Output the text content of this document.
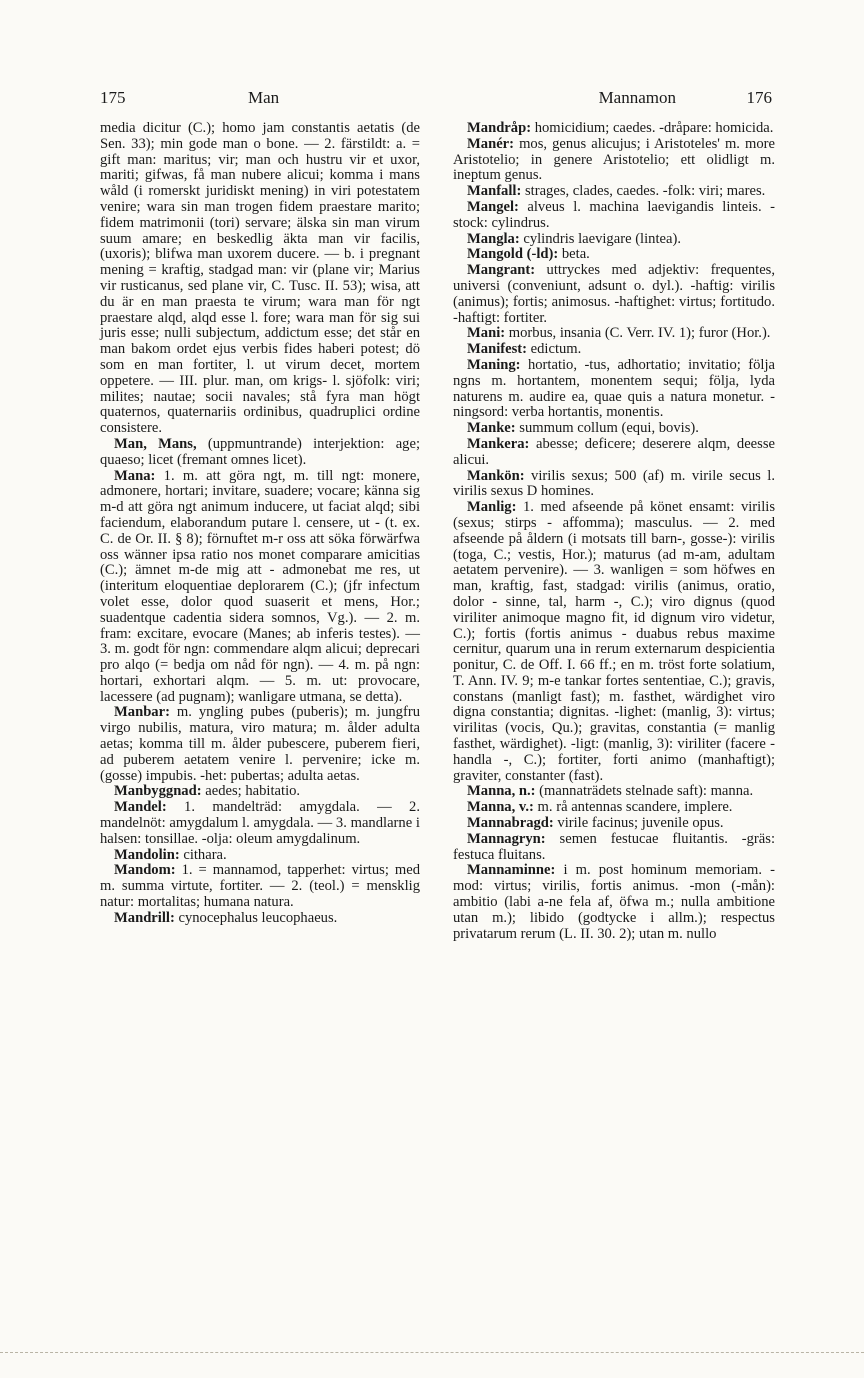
175	Man	Mannamon	176

media dicitur (C.); homo jam constantis aetatis (de Sen. 33); min gode man o bone. — 2. färstildt: a. = gift man: maritus; vir; man och hustru vir et uxor, mariti; gifwas, få man nubere alicui; komma i mans wåld (i romerskt juridiskt mening) in viri potestatem venire; wara sin man trogen fidem praestare marito; fidem matrimonii (tori) servare; älska sin man virum suum amare; en beskedlig äkta man vir facilis, (uxoris); blifwa man uxorem ducere. — b. i pregnant mening = kraftig, stadgad man: vir (plane vir; Marius vir rusticanus, sed plane vir, C. Tusc. II. 53); wisa, att du är en man praesta te virum; wara man för ngt praestare alqd, alqd esse l. fore; wara man för sig sui juris esse; nulli subjectum, addictum esse; det står en man bakom ordet ejus verbis fides haberi potest; dö som en man fortiter, l. ut virum decet, mortem oppetere. — III. plur. man, om krigs- l. sjöfolk: viri; milites; nautae; socii navales; stå fyra man högt quaternos, quaternariis ordinibus, quadruplici ordine consistere.

Man, Mans, (uppmuntrande) interjektion: age; quaeso; licet (fremant omnes licet).

Mana: 1. m. att göra ngt, m. till ngt: monere, admonere, hortari; invitare, suadere; vocare; känna sig m-d att göra ngt animum inducere, ut faciat alqd; sibi faciendum, elaborandum putare l. censere, ut - (t. ex. C. de Or. II. § 8); förnuftet m-r oss att söka förwärfwa oss wänner ipsa ratio nos monet comparare amicitias (C.); ämnet m-de mig att - admonebat me res, ut (interitum eloquentiae deplorarem (C.); (jfr infectum volet esse, dolor quod suaserit et mens, Hor.; suadentque cadentia sidera somnos, Vg.). — 2. m. fram: excitare, evocare (Manes; ab inferis testes). — 3. m. godt för ngn: commendare alqm alicui; deprecari pro alqo (= bedja om nåd för ngn). — 4. m. på ngn: hortari, exhortari alqm. — 5. m. ut: provocare, lacessere (ad pugnam); wanligare utmana, se detta).

Manbar: m. yngling pubes (puberis); m. jungfru virgo nubilis, matura, viro matura; m. ålder adulta aetas; komma till m. ålder pubescere, puberem fieri, ad puberem aetatem venire l. pervenire; icke m. (gosse) impubis. -het: pubertas; adulta aetas.

Manbyggnad: aedes; habitatio.

Mandel: 1. mandelträd: amygdala. — 2. mandelnöt: amygdalum l. amygdala. — 3. mandlarne i halsen: tonsillae. -olja: oleum amygdalinum.

Mandolin: cithara.

Mandom: 1. = mannamod, tapperhet: virtus; med m. summa virtute, fortiter. — 2. (teol.) = mensklig natur: mortalitas; humana natura.

Mandrill: cynocephalus leucophaeus.

Mandråp: homicidium; caedes. -dråpare: homicida.

Manér: mos, genus alicujus; i Aristoteles' m. more Aristotelio; in genere Aristotelio; ett olidligt m. ineptum genus.

Manfall: strages, clades, caedes. -folk: viri; mares.

Mangel: alveus l. machina laevigandis linteis. -stock: cylindrus.

Mangla: cylindris laevigare (lintea).

Mangold (-ld): beta.

Mangrant: uttryckes med adjektiv: frequentes, universi (conveniunt, adsunt o. dyl.). -haftig: virilis (animus); fortis; animosus. -haftighet: virtus; fortitudo. -haftigt: fortiter.

Mani: morbus, insania (C. Verr. IV. 1); furor (Hor.).

Manifest: edictum.

Maning: hortatio, -tus, adhortatio; invitatio; följa ngns m. hortantem, monentem sequi; följa, lyda naturens m. audire ea, quae quis a natura monetur. -ningsord: verba hortantis, monentis.

Manke: summum collum (equi, bovis).

Mankera: abesse; deficere; deserere alqm, deesse alicui.

Mankön: virilis sexus; 500 (af) m. virile secus l. virilis sexus D homines.

Manlig: 1. med afseende på könet ensamt: virilis (sexus; stirps - affomma); masculus. — 2. med afseende på åldern (i motsats till barn-, gosse-): virilis (toga, C.; vestis, Hor.); maturus (ad m-am, adultam aetatem pervenire). — 3. wanligen = som höfwes en man, kraftig, fast, stadgad: virilis (animus, oratio, dolor - sinne, tal, harm -, C.); viro dignus (quod viriliter animoque magno fit, id dignum viro videtur, C.); fortis (fortis animus - duabus rebus maxime cernitur, quarum una in rerum externarum despicientia ponitur, C. de Off. I. 66 ff.; en m. tröst forte solatium, T. Ann. IV. 9; m-e tankar fortes sententiae, C.); gravis, constans (manligt fast); m. fasthet, wärdighet viro digna constantia; dignitas. -lighet: (manlig, 3): virtus; virilitas (vocis, Qu.); gravitas, constantia (= manlig fasthet, wärdighet). -ligt: (manlig, 3): viriliter (facere - handla -, C.); fortiter, forti animo (manhaftigt); graviter, constanter (fast).

Manna, n.: (mannaträdets stelnade saft): manna.

Manna, v.: m. rå antennas scandere, implere.

Mannabragd: virile facinus; juvenile opus.

Mannagryn: semen festucae fluitantis. -gräs: festuca fluitans.

Mannaminne: i m. post hominum memoriam. -mod: virtus; virilis, fortis animus. -mon (-mån): ambitio (labi a-ne fela af, öfwa m.; nulla ambitione utan m.); libido (godtycke i allm.); respectus privatarum rerum (L. II. 30. 2); utan m. nullo
